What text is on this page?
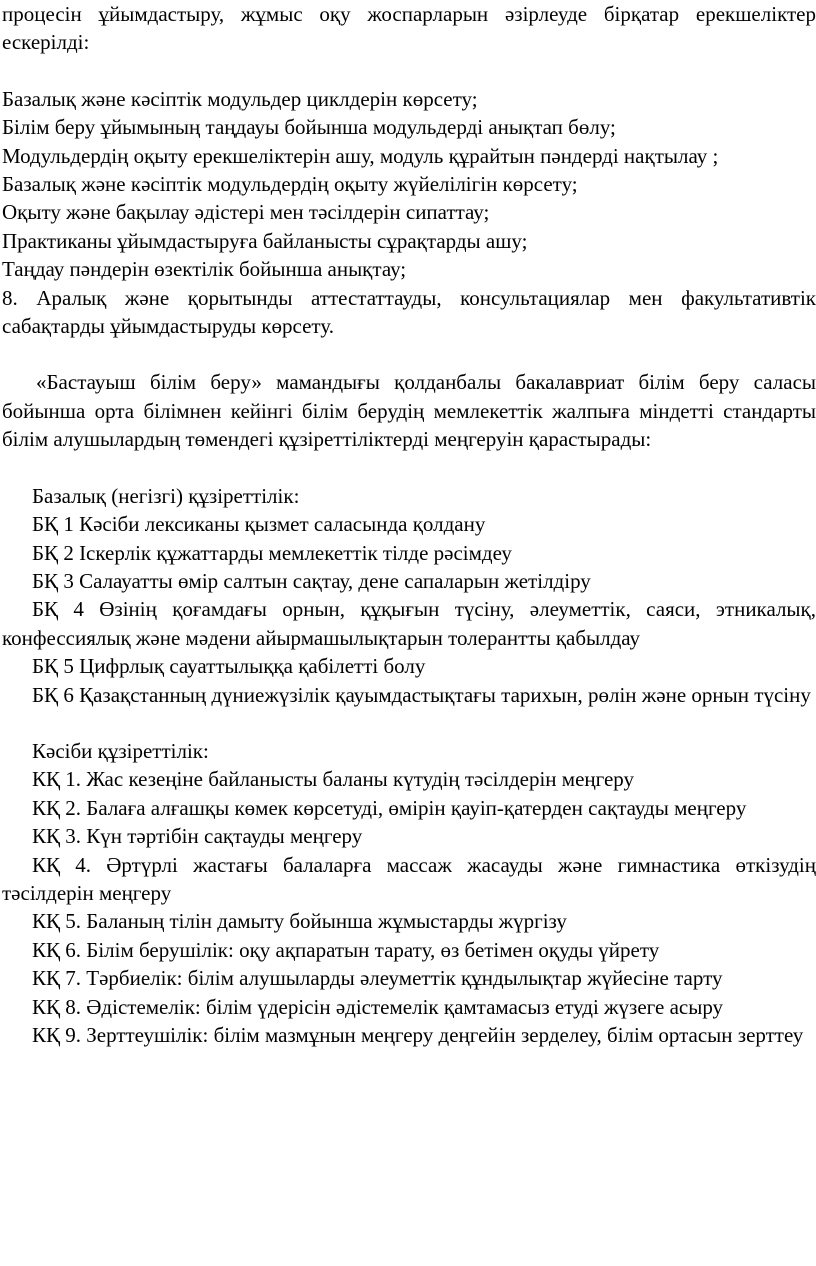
процесін ұйымдастыру, жұмыс оқу жоспарларын әзірлеуде бірқатар ерекшеліктер ескерілді:

Базалық және кәсіптік модульдер циклдерін көрсету;

Білім беру ұйымының таңдауы бойынша модульдерді анықтап бөлу;

Модульдердің оқыту ерекшеліктерін ашу, модуль құрайтын пәндерді нақтылау ;

Базалық және кәсіптік модульдердің оқыту жүйелілігін көрсету;

Оқыту және бақылау әдістері мен тәсілдерін сипаттау;

Практиканы ұйымдастыруға байланысты сұрақтарды ашу;

Таңдау пәндерін өзектілік бойынша анықтау;

8. Аралық және қорытынды аттестаттауды, консультациялар мен факультативтік сабақтарды ұйымдастыруды көрсету.

«Бастауыш білім беру» мамандығы қолданбалы бакалавриат білім беру саласы бойынша орта білімнен кейінгі білім берудің мемлекеттік жалпыға міндетті стандарты білім алушылардың төмендегі құзіреттіліктерді меңгеруін қарастырады:

Базалық (негізгі) құзіреттілік:

БҚ 1 Кәсіби лексиканы қызмет саласында қолдану

БҚ 2 Іскерлік құжаттарды мемлекеттік тілде рәсімдеу

БҚ 3 Салауатты өмір салтын сақтау, дене сапаларын жетілдіру

БҚ 4 Өзінің қоғамдағы орнын, құқығын түсіну, әлеуметтік, саяси, этникалық, конфессиялық және мәдени айырмашылықтарын толерантты қабылдау

БҚ 5 Цифрлық сауаттылыққа қабілетті болу

БҚ 6 Қазақстанның дүниежүзілік қауымдастықтағы тарихын, рөлін және орнын түсіну

Кәсіби құзіреттілік:

КҚ 1. Жас кезеңіне байланысты баланы күтудің тәсілдерін меңгеру

КҚ 2. Балаға алғашқы көмек көрсетуді, өмірін қауіп-қатерден сақтауды меңгеру

КҚ 3. Күн тәртібін сақтауды меңгеру

КҚ 4. Әртүрлі жастағы балаларға массаж жасауды және гимнастика өткізудің тәсілдерін меңгеру

КҚ 5. Баланың тілін дамыту бойынша жұмыстарды жүргізу

КҚ 6. Білім берушілік: оқу ақпаратын тарату, өз бетімен оқуды үйрету

КҚ 7. Тәрбиелік: білім алушыларды әлеуметтік құндылықтар жүйесіне тарту

КҚ 8. Әдістемелік: білім үдерісін әдістемелік қамтамасыз етуді жүзеге асыру

КҚ 9. Зерттеушілік: білім мазмұнын меңгеру деңгейін зерделеу, білім ортасын зерттеу
